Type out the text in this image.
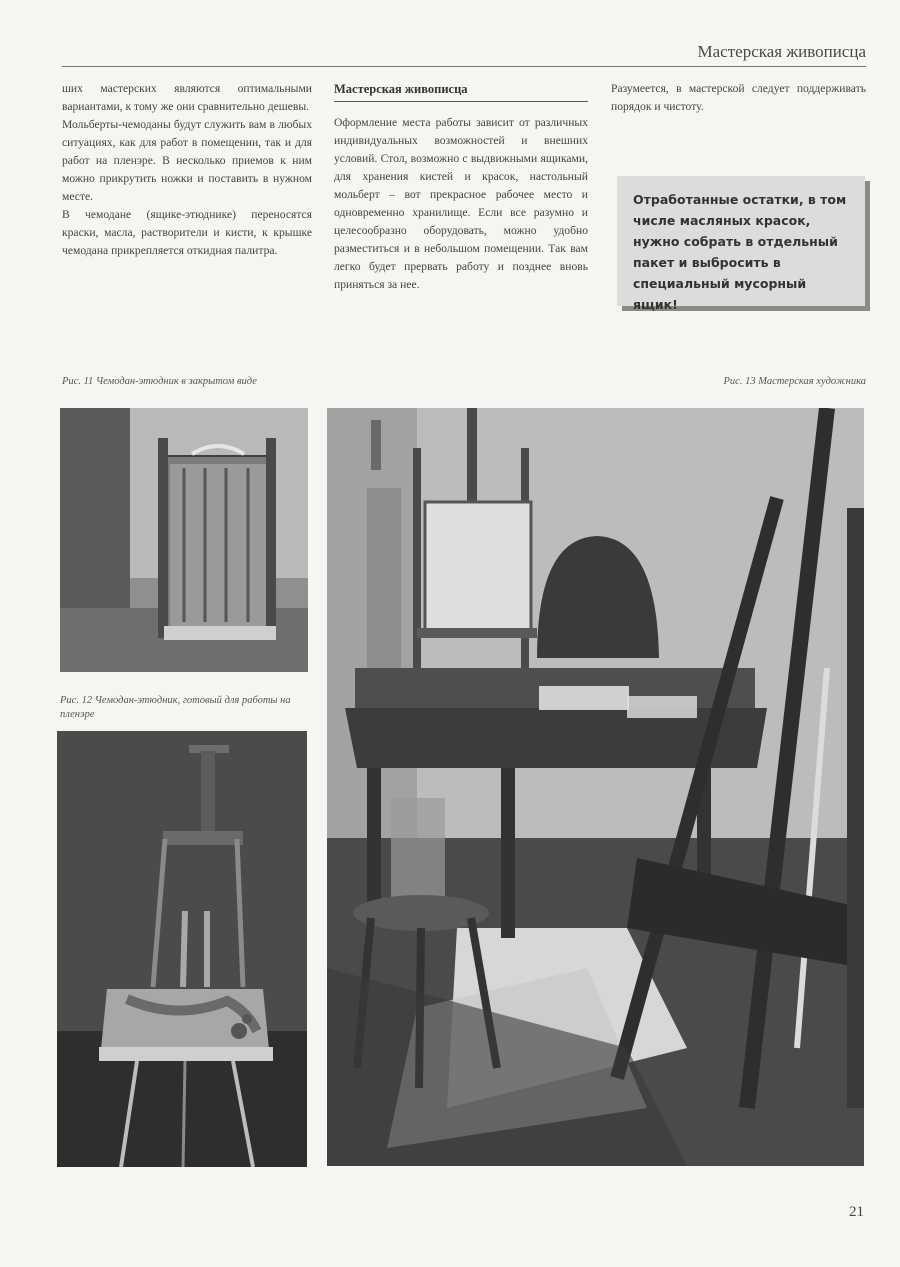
Мастерская живописца

ших мастерских являются оптимальными вариантами, к тому же они сравнительно дешевы.

Мольберты-чемоданы будут служить вам в любых ситуациях, как для работ в помещении, так и для работ на пленэре. В несколько приемов к ним можно прикрутить ножки и поставить в нужном месте.

В чемодане (ящике-этюднике) переносятся краски, масла, растворители и кисти, к крышке чемодана прикрепляется откидная палитра.

Мастерская живописца

Оформление места работы зависит от различных индивидуальных возможностей и внешних условий. Стол, возможно с выдвижными ящиками, для хранения кистей и красок, настольный мольберт – вот прекрасное рабочее место и одновременно хранилище. Если все разумно и целесообразно оборудовать, можно удобно разместиться и в небольшом помещении. Так вам легко будет прервать работу и позднее вновь приняться за нее.

Разумеется, в мастерской следует поддерживать порядок и чистоту.

Отработанные остатки, в том числе масляных красок, нужно собрать в отдельный пакет и выбросить в специальный мусорный ящик!
Рис. 11 Чемодан-этюдник в закрытом виде	Рис. 13 Мастерская художника
Рис. 12 Чемодан-этюдник, готовый для работы на пленэре
21
